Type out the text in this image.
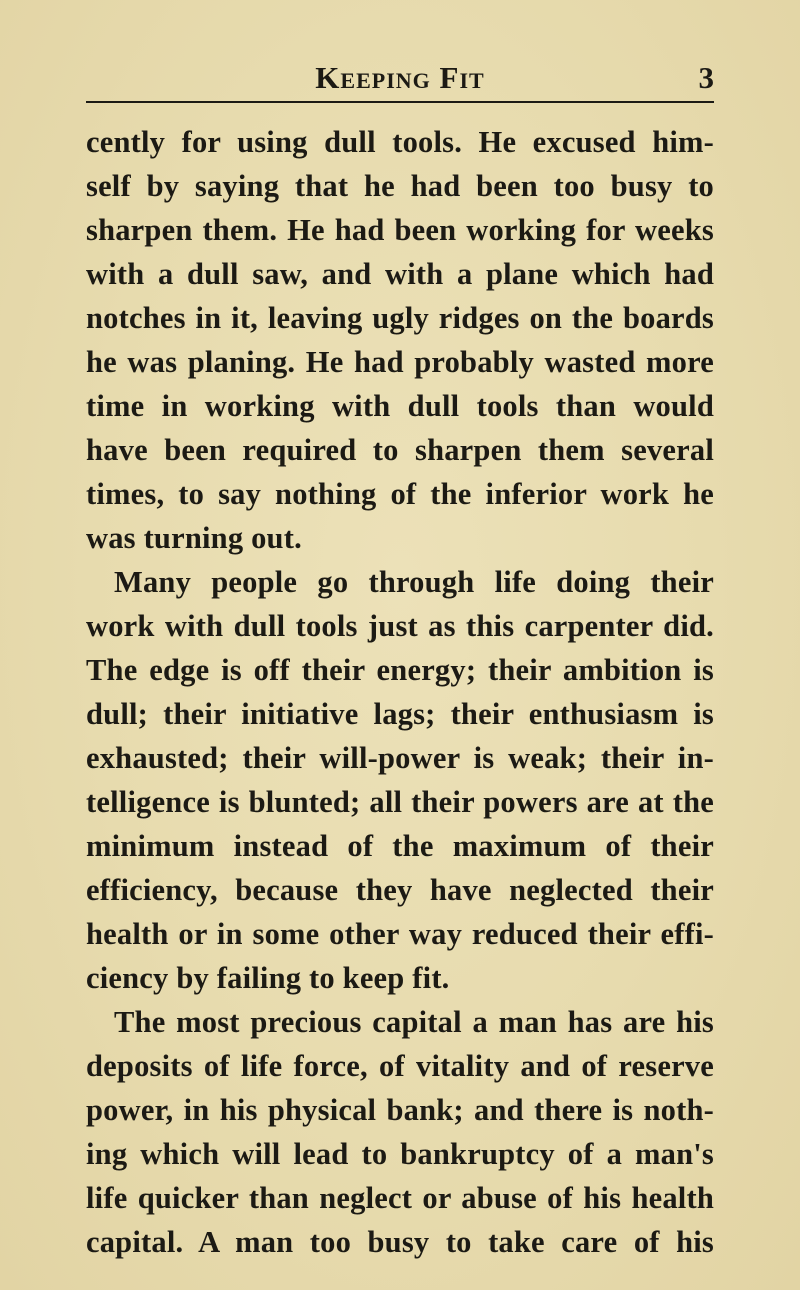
Keeping Fit	3
cently for using dull tools. He excused him-
self by saying that he had been too busy to
sharpen them. He had been working for weeks
with a dull saw, and with a plane which had
notches in it, leaving ugly ridges on the boards
he was planing. He had probably wasted more
time in working with dull tools than would
have been required to sharpen them several
times, to say nothing of the inferior work he
was turning out.
Many people go through life doing their
work with dull tools just as this carpenter did.
The edge is off their energy; their ambition is
dull; their initiative lags; their enthusiasm is
exhausted; their will-power is weak; their in-
telligence is blunted; all their powers are at the
minimum instead of the maximum of their
efficiency, because they have neglected their
health or in some other way reduced their effi-
ciency by failing to keep fit.
The most precious capital a man has are his
deposits of life force, of vitality and of reserve
power, in his physical bank; and there is noth-
ing which will lead to bankruptcy of a man's
life quicker than neglect or abuse of his health
capital. A man too busy to take care of his
